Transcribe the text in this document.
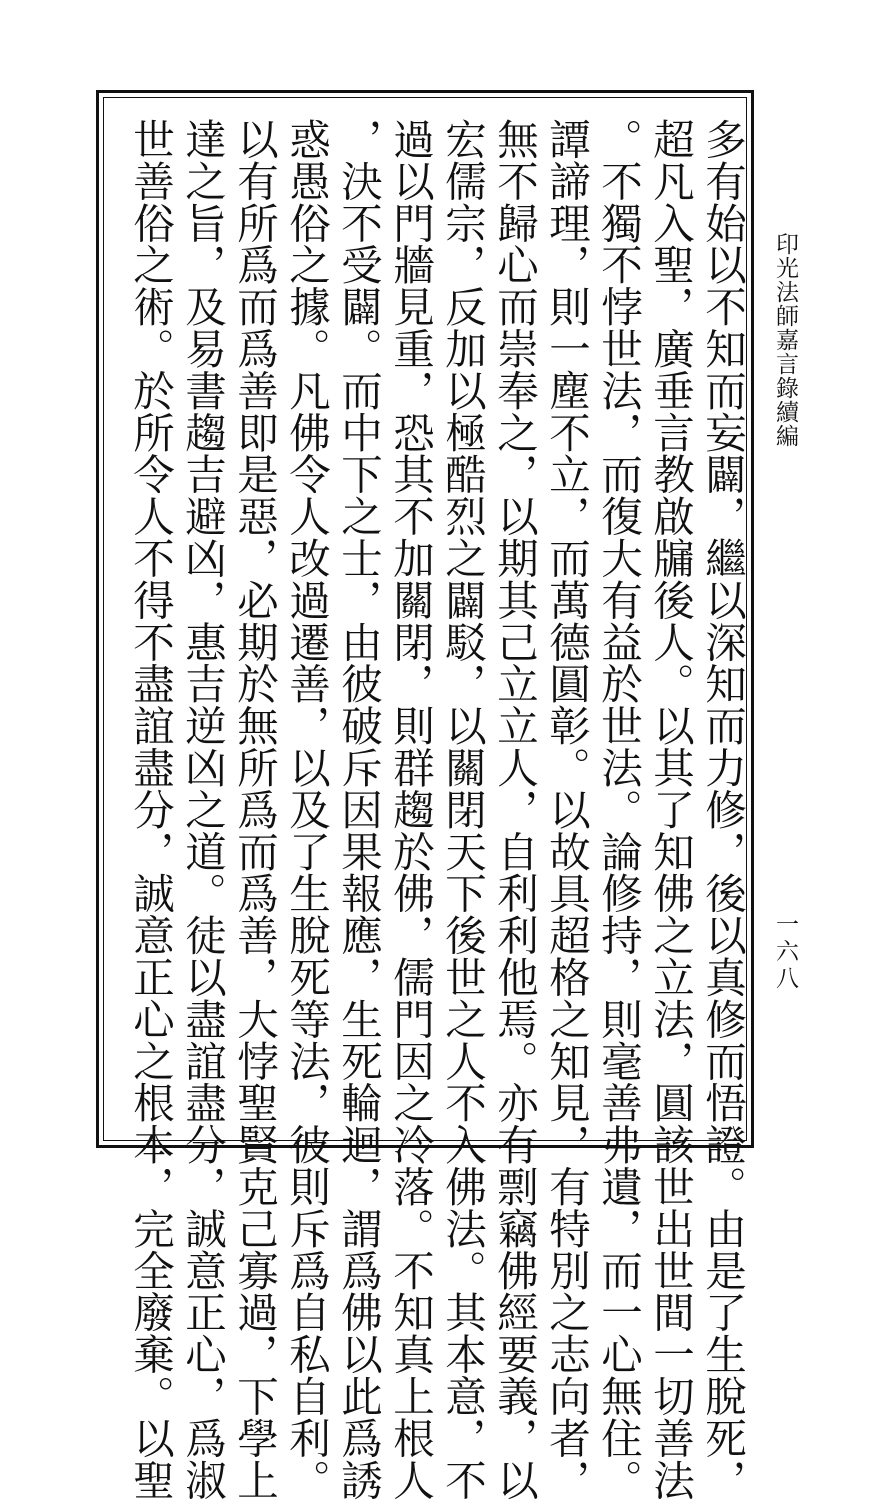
多有始以不知而妄闢，繼以深知而力修，後以真修而悟證。由是了生脫死，
超凡入聖，廣垂言教啟牖後人。以其了知佛之立法，圓該世出世間一切善法
。不獨不悖世法，而復大有益於世法。論修持，則毫善弗遺，而一心無住。
譚諦理，則一塵不立，而萬德圓彰。以故具超格之知見，有特別之志向者，
無不歸心而崇奉之，以期其己立立人，自利利他焉。亦有剽竊佛經要義，以
宏儒宗，反加以極酷烈之闢駁，以關閉天下後世之人不入佛法。其本意，不
過以門牆見重，恐其不加關閉，則群趨於佛，儒門因之冷落。不知真上根人
，決不受闢。而中下之士，由彼破斥因果報應，生死輪迴，謂爲佛以此爲誘
惑愚俗之據。凡佛令人改過遷善，以及了生脫死等法，彼則斥爲自私自利。
以有所爲而爲善即是惡，必期於無所爲而爲善，大悖聖賢克己寡過，下學上
達之旨，及易書趨吉避凶，惠吉逆凶之道。徒以盡誼盡分，誠意正心，爲淑
世善俗之術。於所令人不得不盡誼盡分，誠意正心之根本，完全廢棄。以聖	印光法師嘉言錄續編
一六八
